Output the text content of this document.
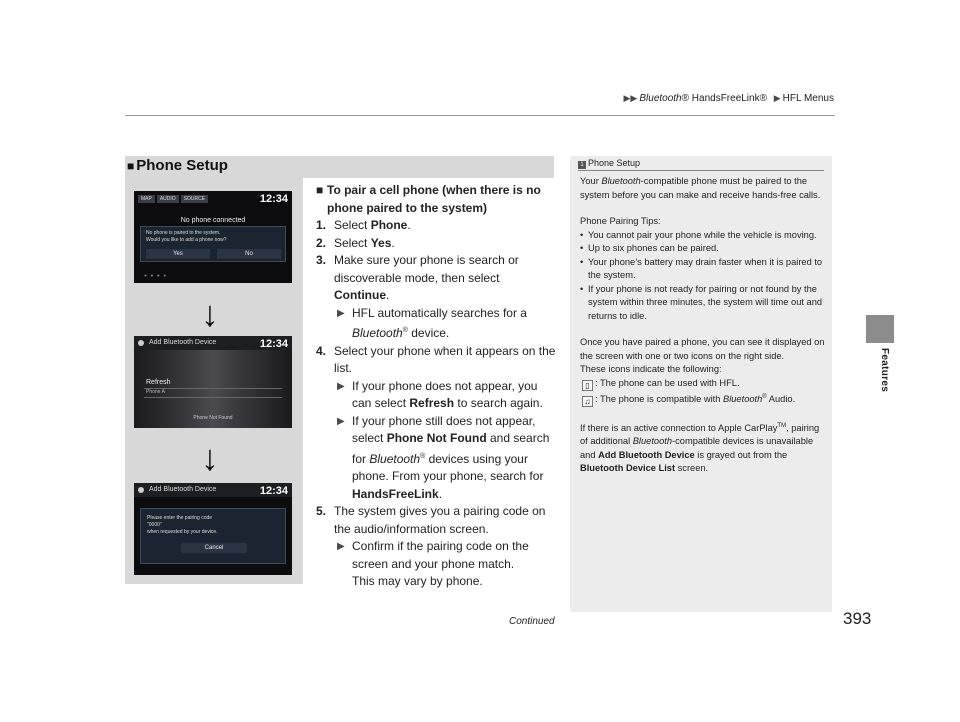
▶▶ Bluetooth® HandsFreeLink® ▶ HFL Menus
Features
■ Phone Setup
MAP	AUDIO	SOURCE	12:34
No phone connected
No phone is paired to the system.
Would you like to add a phone now?
Yes	No
● ● ● ●
↓
Add Bluetooth Device	12:34
Refresh
Phone A
Phone Not Found
↓
Add Bluetooth Device	12:34
Please enter the pairing code
"0000"
when requested by your device.
Cancel
■ To pair a cell phone (when there is no phone paired to the system)
1. Select Phone.
2. Select Yes.
3. Make sure your phone is search or discoverable mode, then select Continue.
▶ HFL automatically searches for a Bluetooth® device.
4. Select your phone when it appears on the list.
▶ If your phone does not appear, you can select Refresh to search again.
▶ If your phone still does not appear, select Phone Not Found and search for Bluetooth® devices using your phone. From your phone, search for HandsFreeLink.
5. The system gives you a pairing code on the audio/information screen.
▶ Confirm if the pairing code on the screen and your phone match.
This may vary by phone.
1 Phone Setup

Your Bluetooth-compatible phone must be paired to the system before you can make and receive hands-free calls.

Phone Pairing Tips:
• You cannot pair your phone while the vehicle is moving.
• Up to six phones can be paired.
• Your phone’s battery may drain faster when it is paired to the system.
• If your phone is not ready for pairing or not found by the system within three minutes, the system will time out and returns to idle.
Once you have paired a phone, you can see it displayed on the screen with one or two icons on the right side.
These icons indicate the following:
▯ : The phone can be used with HFL.
♫ : The phone is compatible with Bluetooth® Audio.
If there is an active connection to Apple CarPlay™, pairing of additional Bluetooth-compatible devices is unavailable and Add Bluetooth Device is grayed out from the Bluetooth Device List screen.
Continued	393
